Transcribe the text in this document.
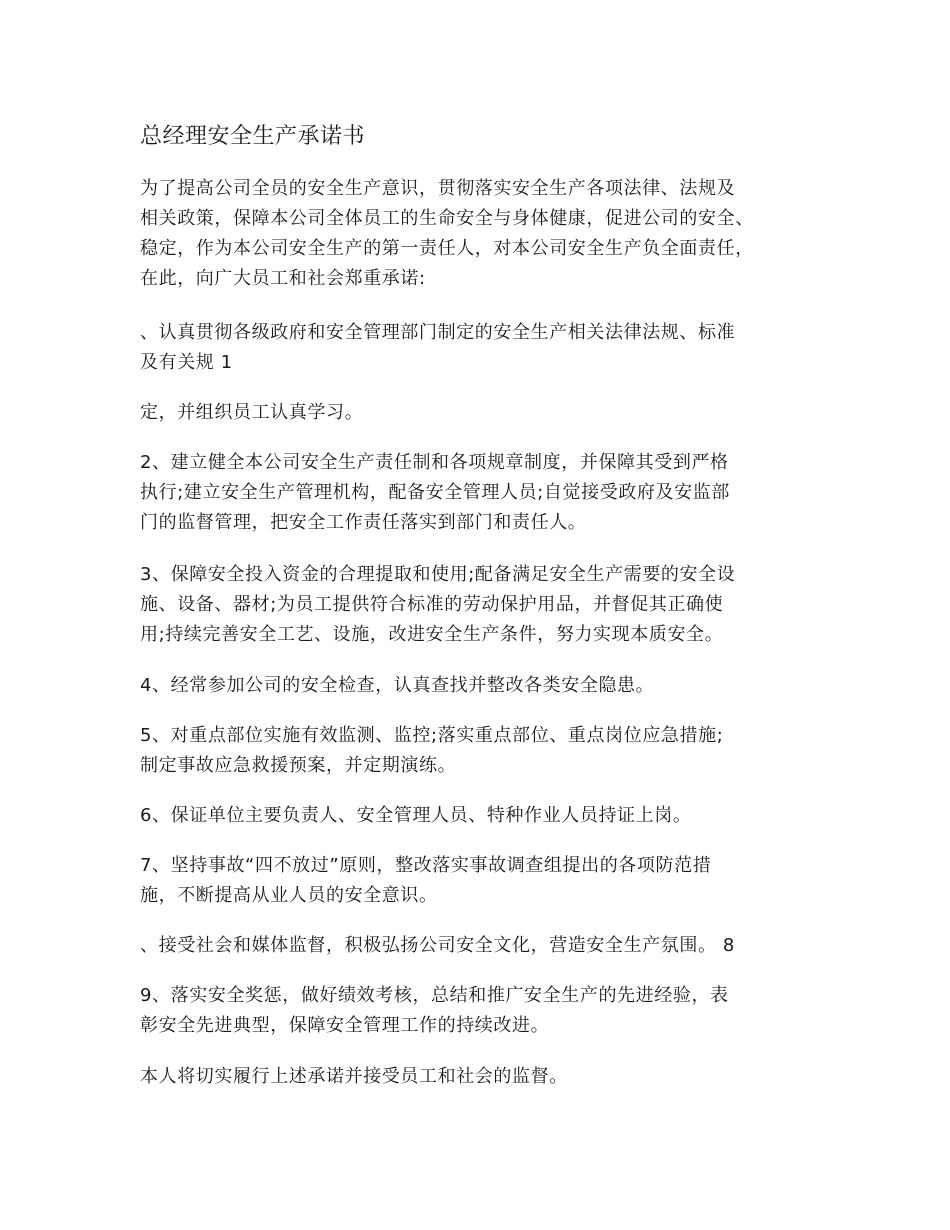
总经理安全生产承诺书
为了提高公司全员的安全生产意识，贯彻落实安全生产各项法律、法规及
相关政策，保障本公司全体员工的生命安全与身体健康，促进公司的安全、
稳定，作为本公司安全生产的第一责任人，对本公司安全生产负全面责任，
在此，向广大员工和社会郑重承诺:
、认真贯彻各级政府和安全管理部门制定的安全生产相关法律法规、标准
及有关规 1
定，并组织员工认真学习。
2、建立健全本公司安全生产责任制和各项规章制度，并保障其受到严格
执行;建立安全生产管理机构，配备安全管理人员;自觉接受政府及安监部
门的监督管理，把安全工作责任落实到部门和责任人。
3、保障安全投入资金的合理提取和使用;配备满足安全生产需要的安全设
施、设备、器材;为员工提供符合标准的劳动保护用品，并督促其正确使
用;持续完善安全工艺、设施，改进安全生产条件，努力实现本质安全。
4、经常参加公司的安全检查，认真查找并整改各类安全隐患。
5、对重点部位实施有效监测、监控;落实重点部位、重点岗位应急措施;
制定事故应急救援预案，并定期演练。
6、保证单位主要负责人、安全管理人员、特种作业人员持证上岗。
7、坚持事故“四不放过”原则，整改落实事故调查组提出的各项防范措
施，不断提高从业人员的安全意识。
、接受社会和媒体监督，积极弘扬公司安全文化，营造安全生产氛围。 8
9、落实安全奖惩，做好绩效考核，总结和推广安全生产的先进经验，表
彰安全先进典型，保障安全管理工作的持续改进。
本人将切实履行上述承诺并接受员工和社会的监督。
